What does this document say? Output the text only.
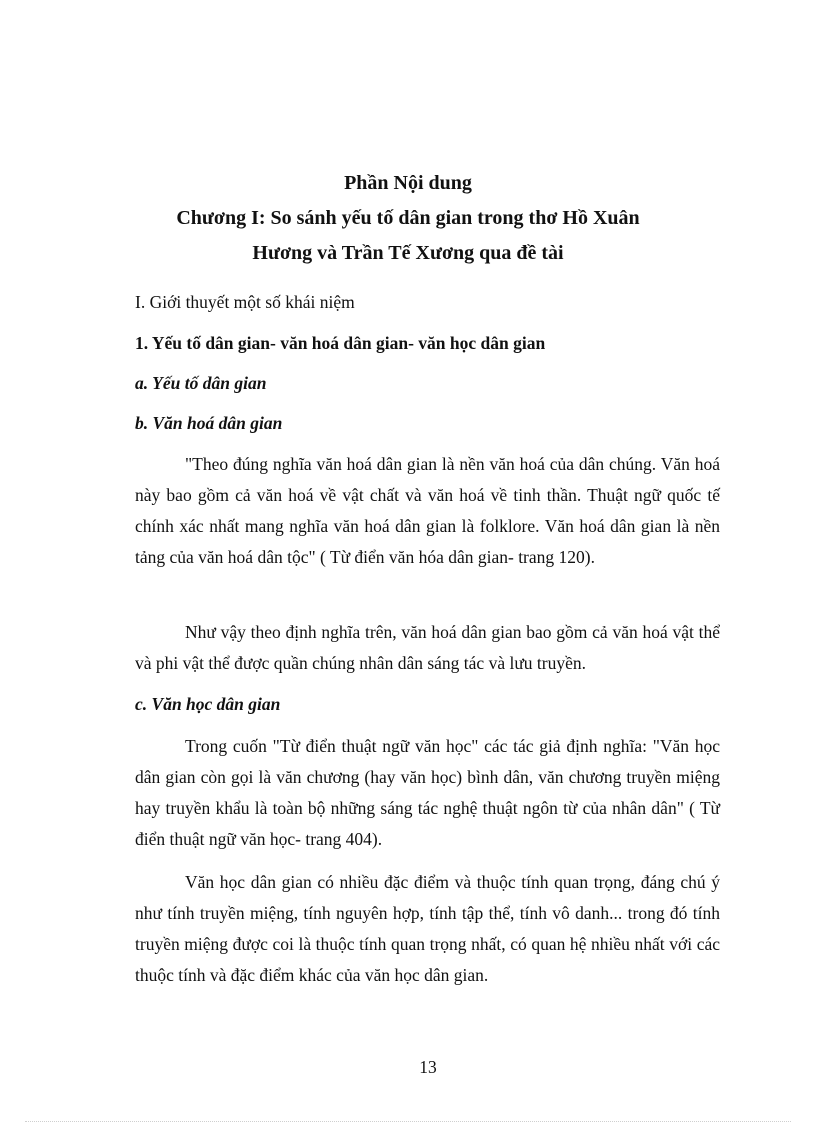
Phần Nội dung
Chương I: So sánh yếu tố dân gian trong thơ Hồ Xuân
Hương và Trần Tế Xương qua đề tài
I. Giới thuyết một số khái niệm
1. Yếu tố dân gian- văn hoá dân gian- văn học dân gian
a. Yếu tố dân gian
b. Văn hoá dân gian
"Theo đúng nghĩa văn hoá dân gian là nền văn hoá của dân chúng. Văn hoá này bao gồm cả văn hoá về vật chất và văn hoá về tinh thần. Thuật ngữ quốc tế chính xác nhất mang nghĩa văn hoá dân gian là folklore. Văn hoá dân gian là nền tảng của văn hoá dân tộc" ( Từ điển văn hóa dân gian- trang 120).
Như vậy theo định nghĩa trên, văn hoá dân gian bao gồm cả văn hoá vật thể và phi vật thể được quần chúng nhân dân sáng tác và lưu truyền.
c. Văn học dân gian
Trong cuốn "Từ điển thuật ngữ văn học" các tác giả định nghĩa: "Văn học dân gian còn gọi là văn chương (hay văn học) bình dân, văn chương truyền miệng hay truyền khẩu là toàn bộ những sáng tác nghệ thuật ngôn từ của nhân dân" ( Từ điển thuật ngữ văn học- trang 404).
Văn học dân gian có nhiều đặc điểm và thuộc tính quan trọng, đáng chú ý như tính truyền miệng, tính nguyên hợp, tính tập thể, tính vô danh... trong đó tính truyền miệng được coi là thuộc tính quan trọng nhất, có quan hệ nhiều nhất với các thuộc tính và đặc điểm khác của văn học dân gian.
13
